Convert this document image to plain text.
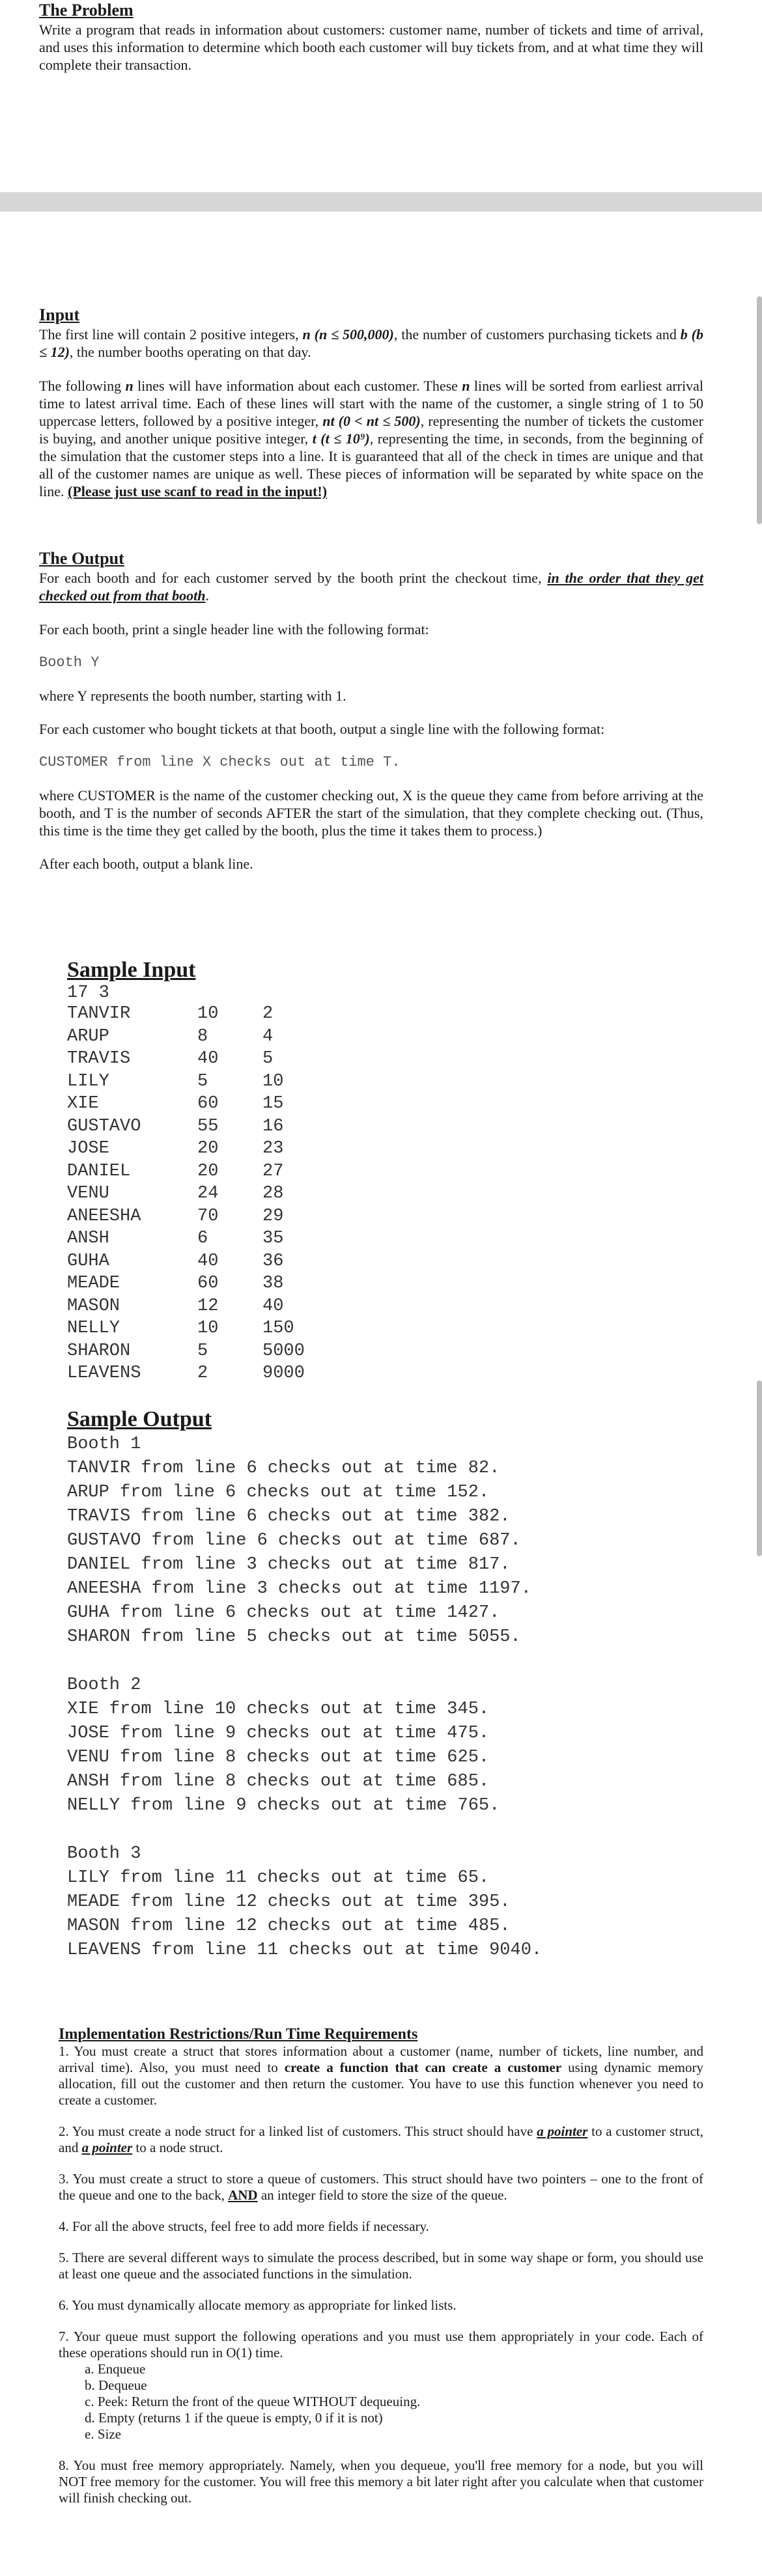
The Problem

Write a program that reads in information about customers: customer name, number of tickets and time of arrival, and uses this information to determine which booth each customer will buy tickets from, and at what time they will complete their transaction.

Input

The first line will contain 2 positive integers, n (n ≤ 500,000), the number of customers purchasing tickets and b (b ≤ 12), the number booths operating on that day.

The following n lines will have information about each customer. These n lines will be sorted from earliest arrival time to latest arrival time. Each of these lines will start with the name of the customer, a single string of 1 to 50 uppercase letters, followed by a positive integer, nt (0 < nt ≤ 500), representing the number of tickets the customer is buying, and another unique positive integer, t (t ≤ 10⁹), representing the time, in seconds, from the beginning of the simulation that the customer steps into a line. It is guaranteed that all of the check in times are unique and that all of the customer names are unique as well. These pieces of information will be separated by white space on the line. (Please just use scanf to read in the input!)

The Output

For each booth and for each customer served by the booth print the checkout time, in the order that they get checked out from that booth.

For each booth, print a single header line with the following format:

Booth Y

where Y represents the booth number, starting with 1.

For each customer who bought tickets at that booth, output a single line with the following format:

CUSTOMER from line X checks out at time T.

where CUSTOMER is the name of the customer checking out, X is the queue they came from before arriving at the booth, and T is the number of seconds AFTER the start of the simulation, that they complete checking out. (Thus, this time is the time they get called by the booth, plus the time it takes them to process.)

After each booth, output a blank line.

Sample Input
17 3
TANVIR	10	2
ARUP	8	4
TRAVIS	40	5
LILY	5	10
XIE	60	15
GUSTAVO	55	16
JOSE	20	23
DANIEL	20	27
VENU	24	28
ANEESHA	70	29
ANSH	6	35
GUHA	40	36
MEADE	60	38
MASON	12	40
NELLY	10	150
SHARON	5	5000
LEAVENS	2	9000
Sample Output
Booth 1
TANVIR from line 6 checks out at time 82.
ARUP from line 6 checks out at time 152.
TRAVIS from line 6 checks out at time 382.
GUSTAVO from line 6 checks out at time 687.
DANIEL from line 3 checks out at time 817.
ANEESHA from line 3 checks out at time 1197.
GUHA from line 6 checks out at time 1427.
SHARON from line 5 checks out at time 5055.
Booth 2
XIE from line 10 checks out at time 345.
JOSE from line 9 checks out at time 475.
VENU from line 8 checks out at time 625.
ANSH from line 8 checks out at time 685.
NELLY from line 9 checks out at time 765.
Booth 3
LILY from line 11 checks out at time 65.
MEADE from line 12 checks out at time 395.
MASON from line 12 checks out at time 485.
LEAVENS from line 11 checks out at time 9040.
Implementation Restrictions/Run Time Requirements

1. You must create a struct that stores information about a customer (name, number of tickets, line number, and arrival time). Also, you must need to create a function that can create a customer using dynamic memory allocation, fill out the customer and then return the customer. You have to use this function whenever you need to create a customer.

2. You must create a node struct for a linked list of customers. This struct should have a pointer to a customer struct, and a pointer to a node struct.

3. You must create a struct to store a queue of customers. This struct should have two pointers – one to the front of the queue and one to the back, AND an integer field to store the size of the queue.

4. For all the above structs, feel free to add more fields if necessary.

5. There are several different ways to simulate the process described, but in some way shape or form, you should use at least one queue and the associated functions in the simulation.

6. You must dynamically allocate memory as appropriate for linked lists.

7. Your queue must support the following operations and you must use them appropriately in your code. Each of these operations should run in O(1) time.

a. Enqueue
b. Dequeue
c. Peek: Return the front of the queue WITHOUT dequeuing.
d. Empty (returns 1 if the queue is empty, 0 if it is not)
e. Size

8. You must free memory appropriately. Namely, when you dequeue, you'll free memory for a node, but you will NOT free memory for the customer. You will free this memory a bit later right after you calculate when that customer will finish checking out.
